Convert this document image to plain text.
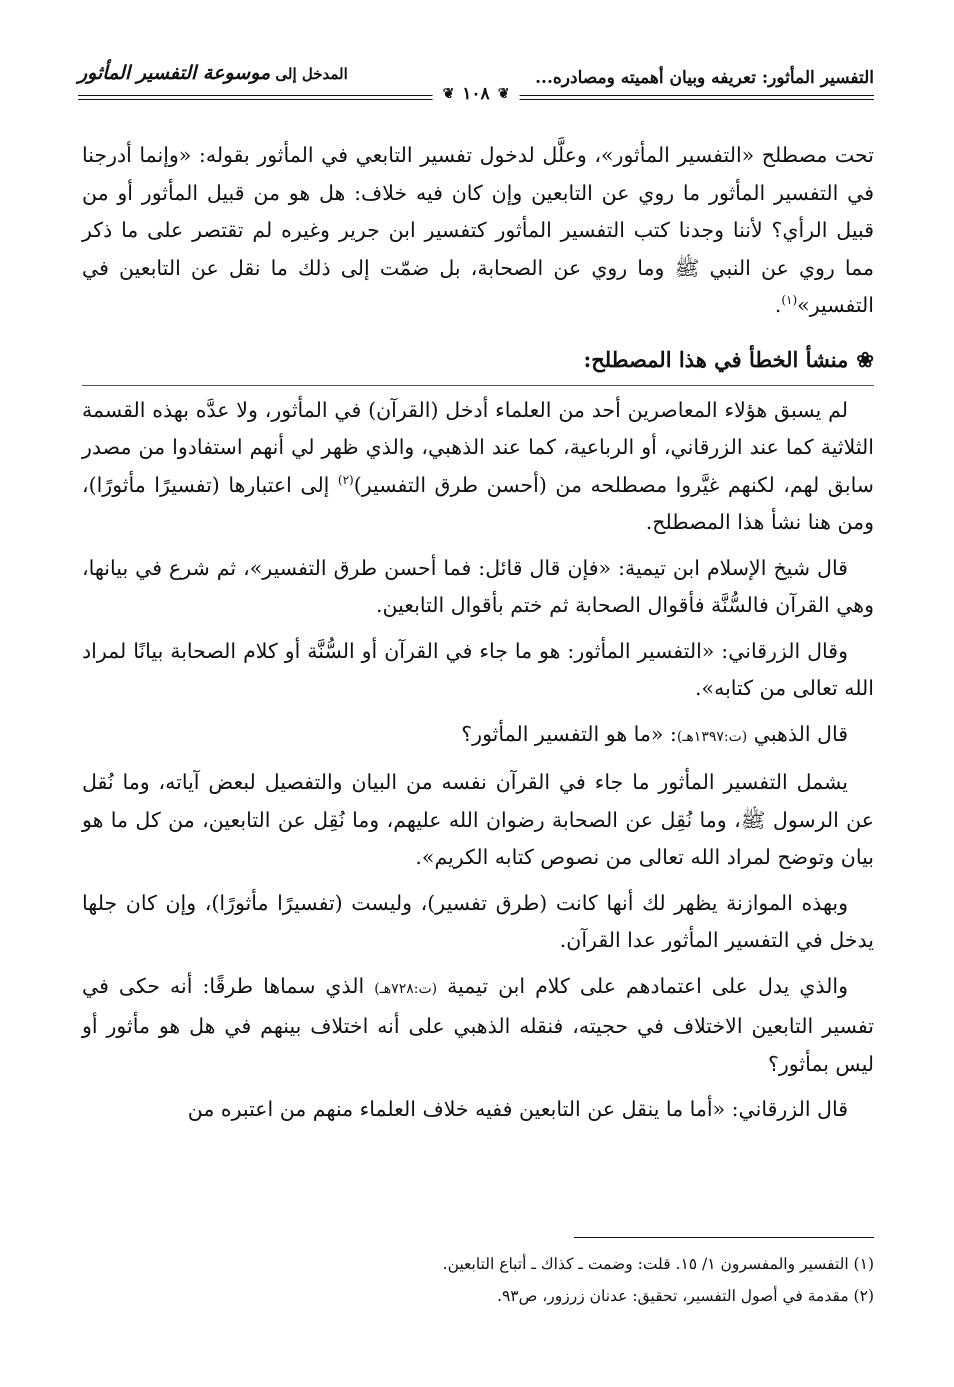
التفسير المأثور: تعريفه وبيان أهميته ومصادره...
المدخل إلى موسوعة التفسير المأثور
❦
١٠٨
❦

تحت مصطلح «التفسير المأثور»، وعلَّل لدخول تفسير التابعي في المأثور بقوله: «وإنما أدرجنا في التفسير المأثور ما روي عن التابعين وإن كان فيه خلاف: هل هو من قبيل المأثور أو من قبيل الرأي؟ لأننا وجدنا كتب التفسير المأثور كتفسير ابن جرير وغيره لم تقتصر على ما ذكر مما روي عن النبي ﷺ وما روي عن الصحابة، بل ضمّت إلى ذلك ما نقل عن التابعين في التفسير»$^{(١)}$.

❀منشأ الخطأ في هذا المصطلح:

لم يسبق هؤلاء المعاصرين أحد من العلماء أدخل (القرآن) في المأثور، ولا عدَّه بهذه القسمة الثلاثية كما عند الزرقاني، أو الرباعية، كما عند الذهبي، والذي ظهر لي أنهم استفادوا من مصدر سابق لهم، لكنهم غيَّروا مصطلحه من (أحسن طرق التفسير)$^{(٢)}$ إلى اعتبارها (تفسيرًا مأثورًا)، ومن هنا نشأ هذا المصطلح.

قال شيخ الإسلام ابن تيمية: «فإن قال قائل: فما أحسن طرق التفسير»، ثم شرع في بيانها، وهي القرآن فالسُّنَّة فأقوال الصحابة ثم ختم بأقوال التابعين.

وقال الزرقاني: «التفسير المأثور: هو ما جاء في القرآن أو السُّنَّة أو كلام الصحابة بيانًا لمراد الله تعالى من كتابه».

قال الذهبي (ت:١٣٩٧هـ): «ما هو التفسير المأثور؟

يشمل التفسير المأثور ما جاء في القرآن نفسه من البيان والتفصيل لبعض آياته، وما نُقل عن الرسول ﷺ، وما نُقِل عن الصحابة رضوان الله عليهم، وما نُقِل عن التابعين، من كل ما هو بيان وتوضح لمراد الله تعالى من نصوص كتابه الكريم».

وبهذه الموازنة يظهر لك أنها كانت (طرق تفسير)، وليست (تفسيرًا مأثورًا)، وإن كان جلها يدخل في التفسير المأثور عدا القرآن.

والذي يدل على اعتمادهم على كلام ابن تيمية (ت:٧٢٨هـ) الذي سماها طرقًا: أنه حكى في تفسير التابعين الاختلاف في حجيته، فنقله الذهبي على أنه اختلاف بينهم في هل هو مأثور أو ليس بمأثور؟

قال الزرقاني: «أما ما ينقل عن التابعين ففيه خلاف العلماء منهم من اعتبره من

(١) التفسير والمفسرون ١/ ١٥. قلت: وضمت ـ كذاك ـ أتباع التابعين.
(٢) مقدمة في أصول التفسير، تحقيق: عدنان زرزور، ص٩٣.
